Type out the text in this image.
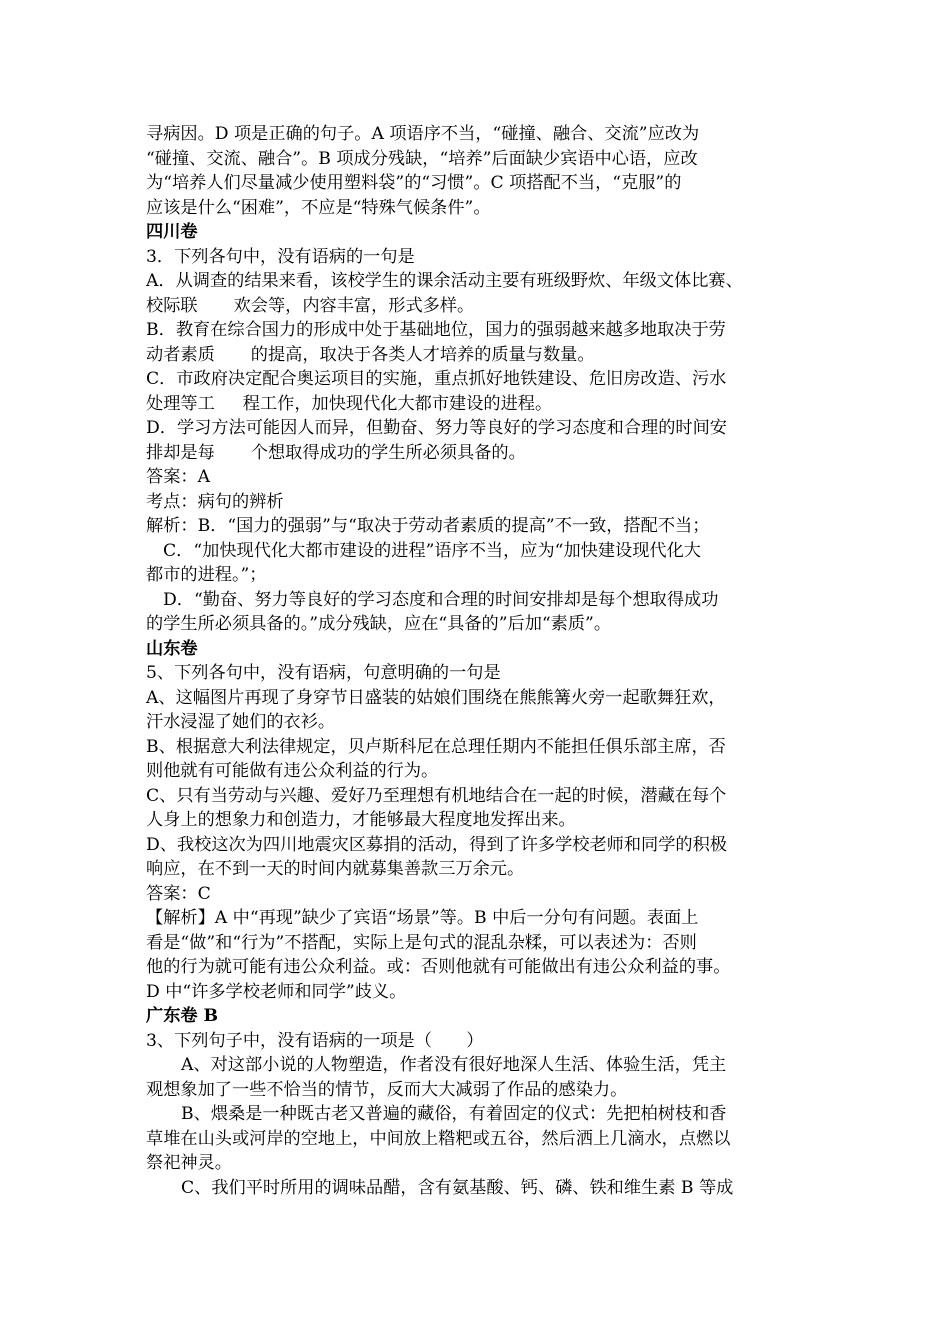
寻病因。D 项是正确的句子。A 项语序不当，“碰撞、融合、交流”应改为
“碰撞、交流、融合”。B 项成分残缺，“培养”后面缺少宾语中心语，应改
为“培养人们尽量减少使用塑料袋”的“习惯”。C 项搭配不当，“克服”的
应该是什么“困难”，不应是“特殊气候条件”。
四川卷
3．下列各句中，没有语病的一句是
A．从调查的结果来看，该校学生的课余活动主要有班级野炊、年级文体比赛、
校际联 欢会等，内容丰富，形式多样。
B．教育在综合国力的形成中处于基础地位，国力的强弱越来越多地取决于劳
动者素质 的提高，取决于各类人才培养的质量与数量。
C．市政府决定配合奥运项目的实施，重点抓好地铁建设、危旧房改造、污水
处理等工 程工作，加快现代化大都市建设的进程。
D．学习方法可能因人而异，但勤奋、努力等良好的学习态度和合理的时间安
排却是每 个想取得成功的学生所必须具备的。
答案：A
考点：病句的辨析
解析：B．“国力的强弱”与“取决于劳动者素质的提高”不一致，搭配不当；
C．“加快现代化大都市建设的进程”语序不当，应为“加快建设现代化大
都市的进程。”；
D．“勤奋、努力等良好的学习态度和合理的时间安排却是每个想取得成功
的学生所必须具备的。”成分残缺，应在“具备的”后加“素质”。
山东卷
5、下列各句中，没有语病，句意明确的一句是
A、这幅图片再现了身穿节日盛装的姑娘们围绕在熊熊篝火旁一起歌舞狂欢，
汗水浸湿了她们的衣衫。
B、根据意大利法律规定，贝卢斯科尼在总理任期内不能担任俱乐部主席，否
则他就有可能做有违公众利益的行为。
C、只有当劳动与兴趣、爱好乃至理想有机地结合在一起的时候，潜藏在每个
人身上的想象力和创造力，才能够最大程度地发挥出来。
D、我校这次为四川地震灾区募捐的活动，得到了许多学校老师和同学的积极
响应，在不到一天的时间内就募集善款三万余元。
答案：C
【解析】A 中“再现”缺少了宾语“场景”等。B 中后一分句有问题。表面上
看是“做”和“行为”不搭配，实际上是句式的混乱杂糅，可以表述为：否则
他的行为就可能有违公众利益。或：否则他就有可能做出有违公众利益的事。
D 中“许多学校老师和同学”歧义。
广东卷 B
3、下列句子中，没有语病的一项是（　　）
A、对这部小说的人物塑造，作者没有很好地深人生活、体验生活，凭主
观想象加了一些不恰当的情节，反而大大减弱了作品的感染力。
B、煨桑是一种既古老又普遍的藏俗，有着固定的仪式：先把柏树枝和香
草堆在山头或河岸的空地上，中间放上糌粑或五谷，然后洒上几滴水，点燃以
祭祀神灵。
C、我们平时所用的调味品醋，含有氨基酸、钙、磷、铁和维生素 B 等成
